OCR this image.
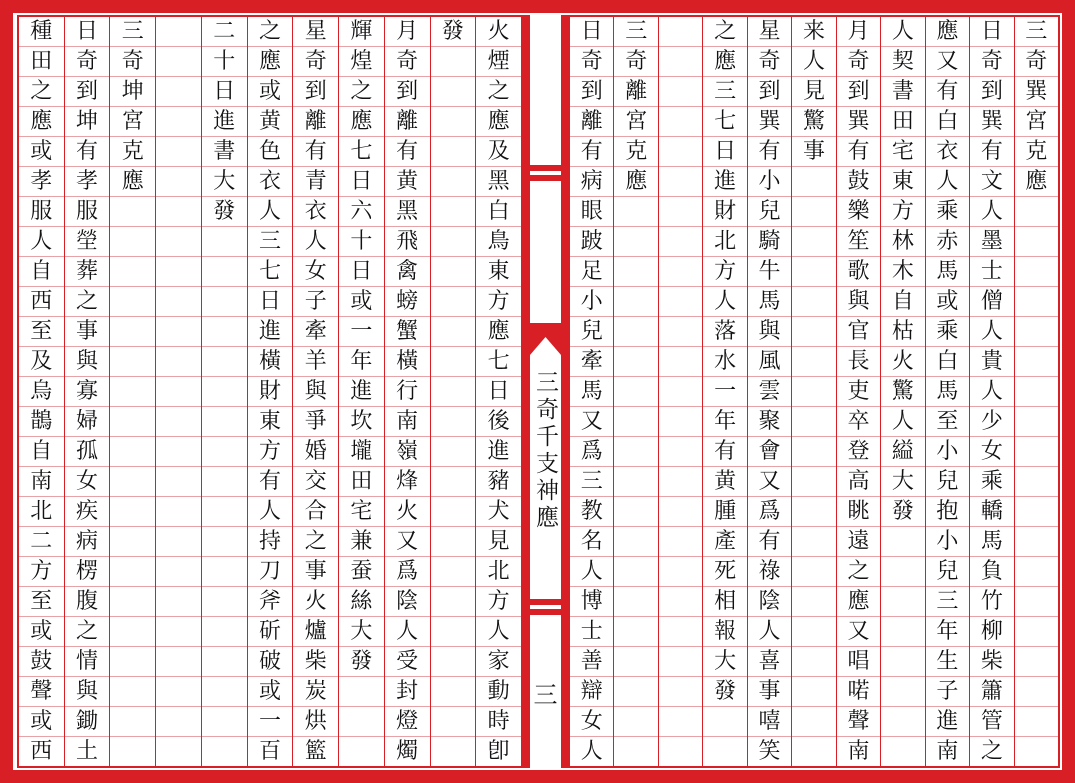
火
煙
之
應
及
黑
白
鳥
東
方
應
七
日
後
進
豬
犬
見
北
方
人
家
動
時
卽
發
月
奇
到
離
有
黄
黑
飛
禽
螃
蟹
橫
行
南
嶺
烽
火
又
爲
陰
人
受
封
燈
燭
輝
煌
之
應
七
日
六
十
日
或
一
年
進
坎
壠
田
宅
兼
蚕
絲
大
發
星
奇
到
離
有
青
衣
人
女
子
牽
羊
與
爭
婚
交
合
之
事
火
爐
柴
炭
烘
籃
之
應
或
黄
色
衣
人
三
七
日
進
橫
財
東
方
有
人
持
刀
斧
斫
破
或
一
百
二
十
日
進
書
大
發
三
奇
坤
宮
克
應
日
奇
到
坤
有
孝
服
塋
葬
之
事
與
寡
婦
孤
女
疾
病
楞
腹
之
情
與
鋤
土
種
田
之
應
或
孝
服
人
自
西
至
及
烏
鵲
自
南
北
二
方
至
或
鼓
聲
或
西
三奇千支神應
三
三
奇
巽
宮
克
應
日
奇
到
巽
有
文
人
墨
士
僧
人
貴
人
少
女
乘
轎
馬
負
竹
柳
柴
簫
管
之
應
又
有
白
衣
人
乘
赤
馬
或
乘
白
馬
至
小
兒
抱
小
兒
三
年
生
子
進
南
人
契
書
田
宅
東
方
林
木
自
枯
火
驚
人
縊
大
發
月
奇
到
巽
有
鼓
樂
笙
歌
與
官
長
吏
卒
登
高
眺
遠
之
應
又
唱
喏
聲
南
来
人
見
驚
事
星
奇
到
巽
有
小
兒
騎
牛
馬
與
風
雲
聚
會
又
爲
有
祿
陰
人
喜
事
嘻
笑
之
應
三
七
日
進
財
北
方
人
落
水
一
年
有
黄
腫
產
死
相
報
大
發
三
奇
離
宮
克
應
日
奇
到
離
有
病
眼
跛
足
小
兒
牽
馬
又
爲
三
教
名
人
博
士
善
辯
女
人
